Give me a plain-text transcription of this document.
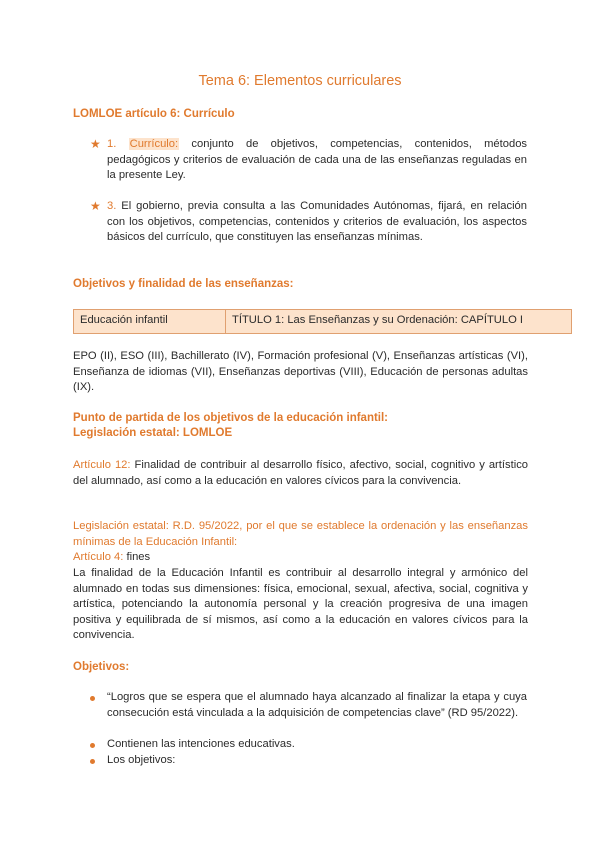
Tema 6: Elementos curriculares
LOMLOE artículo 6: Currículo
★ 1. Currículo: conjunto de objetivos, competencias, contenidos, métodos pedagógicos y criterios de evaluación de cada una de las enseñanzas reguladas en la presente Ley.
★ 3. El gobierno, previa consulta a las Comunidades Autónomas, fijará, en relación con los objetivos, competencias, contenidos y criterios de evaluación, los aspectos básicos del currículo, que constituyen las enseñanzas mínimas.
Objetivos y finalidad de las enseñanzas:
Educación infantil	TÍTULO 1: Las Enseñanzas y su Ordenación: CAPÍTULO I
EPO (II), ESO (III), Bachillerato (IV), Formación profesional (V), Enseñanzas artísticas (VI), Enseñanza de idiomas (VII), Enseñanzas deportivas (VIII), Educación de personas adultas (IX).
Punto de partida de los objetivos de la educación infantil:
Legislación estatal: LOMLOE
Artículo 12: Finalidad de contribuir al desarrollo físico, afectivo, social, cognitivo y artístico del alumnado, así como a la educación en valores cívicos para la convivencia.
Legislación estatal: R.D. 95/2022, por el que se establece la ordenación y las enseñanzas mínimas de la Educación Infantil:
Artículo 4: fines
La finalidad de la Educación Infantil es contribuir al desarrollo integral y armónico del alumnado en todas sus dimensiones: física, emocional, sexual, afectiva, social, cognitiva y artística, potenciando la autonomía personal y la creación progresiva de una imagen positiva y equilibrada de sí mismos, así como a la educación en valores cívicos para la convivencia.
Objetivos:
“Logros que se espera que el alumnado haya alcanzado al finalizar la etapa y cuya consecución está vinculada a la adquisición de competencias clave” (RD 95/2022).
Contienen las intenciones educativas.
Los objetivos:
